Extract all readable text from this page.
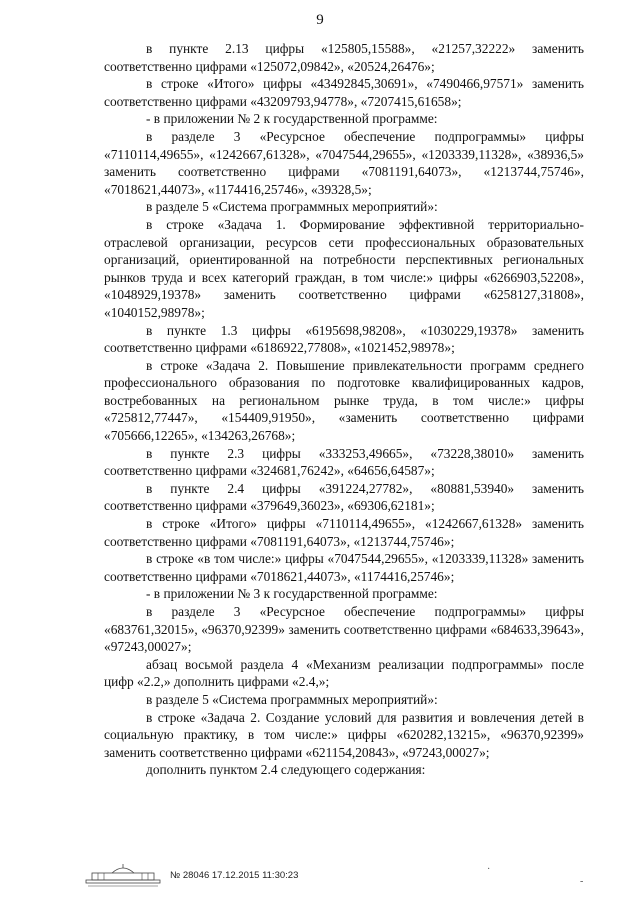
9

в пункте 2.13 цифры «125805,15588», «21257,32222» заменить соответственно цифрами «125072,09842», «20524,26476»;

в строке «Итого» цифры «43492845,30691», «7490466,97571» заменить соответственно цифрами «43209793,94778», «7207415,61658»;

- в приложении № 2 к государственной программе:

в разделе 3 «Ресурсное обеспечение подпрограммы» цифры «7110114,49655», «1242667,61328», «7047544,29655», «1203339,11328», «38936,5» заменить соответственно цифрами «7081191,64073», «1213744,75746», «7018621,44073», «1174416,25746», «39328,5»;

в разделе 5 «Система программных мероприятий»:

в строке «Задача 1. Формирование эффективной территориально-отраслевой организации, ресурсов сети профессиональных образовательных организаций, ориентированной на потребности перспективных региональных рынков труда и всех категорий граждан, в том числе:» цифры «6266903,52208», «1048929,19378» заменить соответственно цифрами «6258127,31808», «1040152,98978»;

в пункте 1.3 цифры «6195698,98208», «1030229,19378» заменить соответственно цифрами «6186922,77808», «1021452,98978»;

в строке «Задача 2. Повышение привлекательности программ среднего профессионального образования по подготовке квалифицированных кадров, востребованных на региональном рынке труда, в том числе:» цифры «725812,77447», «154409,91950», «заменить соответственно цифрами «705666,12265», «134263,26768»;

в пункте 2.3 цифры «333253,49665», «73228,38010» заменить соответственно цифрами «324681,76242», «64656,64587»;

в пункте 2.4 цифры «391224,27782», «80881,53940» заменить соответственно цифрами «379649,36023», «69306,62181»;

в строке «Итого» цифры «7110114,49655», «1242667,61328» заменить соответственно цифрами «7081191,64073», «1213744,75746»;

в строке «в том числе:» цифры «7047544,29655», «1203339,11328» заменить соответственно цифрами «7018621,44073», «1174416,25746»;

- в приложении № 3 к государственной программе:

в разделе 3 «Ресурсное обеспечение подпрограммы» цифры «683761,32015», «96370,92399» заменить соответственно цифрами «684633,39643», «97243,00027»;

абзац восьмой раздела 4 «Механизм реализации подпрограммы» после цифр «2.2,» дополнить цифрами «2.4,»;

в разделе 5 «Система программных мероприятий»:

в строке «Задача 2. Создание условий для развития и вовлечения детей в социальную практику, в том числе:» цифры «620282,13215», «96370,92399» заменить соответственно цифрами «621154,20843», «97243,00027»;

дополнить пунктом 2.4 следующего содержания:

№ 28046 17.12.2015 11:30:23
·
-
